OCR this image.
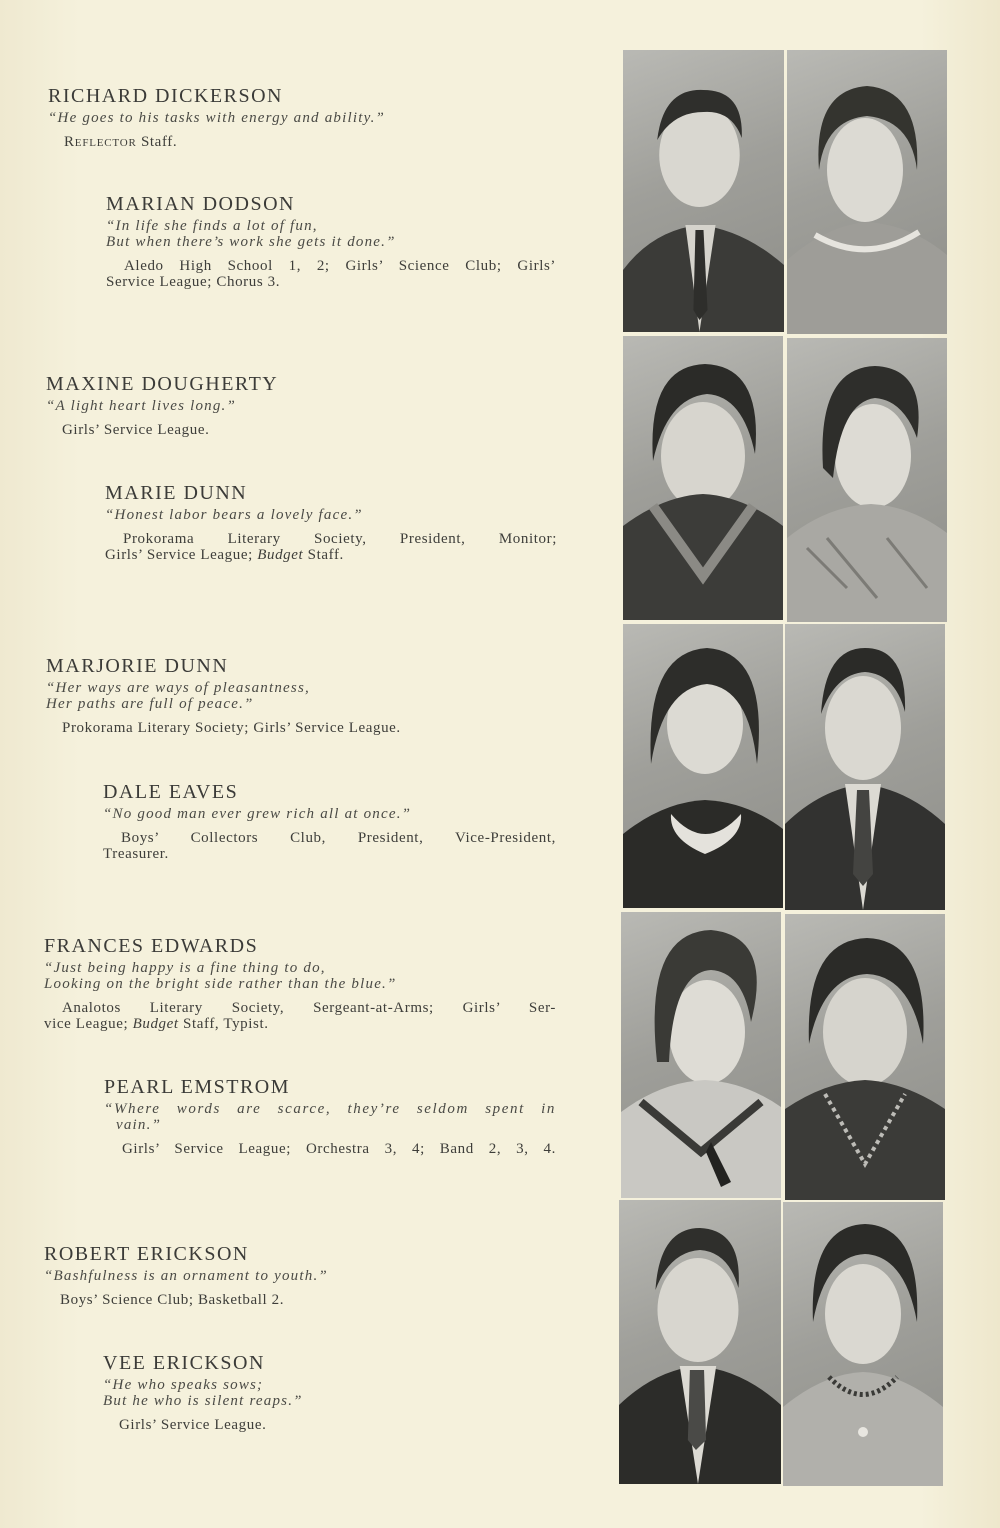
RICHARD DICKERSON
“He goes to his tasks with energy and ability.”
Reflector Staff.
MARIAN DODSON
“In life she finds a lot of fun,
But when there’s work she gets it done.”
Aledo High School 1, 2; Girls’ Science Club; Girls’
Service League; Chorus 3.
MAXINE DOUGHERTY
“A light heart lives long.”
Girls’ Service League.
MARIE DUNN
“Honest labor bears a lovely face.”
Prokorama Literary Society, President, Monitor;
Girls’ Service League; Budget Staff.
MARJORIE DUNN
“Her ways are ways of pleasantness,
Her paths are full of peace.”
Prokorama Literary Society; Girls’ Service League.
DALE EAVES
“No good man ever grew rich all at once.”
Boys’ Collectors Club, President, Vice-President,
Treasurer.
FRANCES EDWARDS
“Just being happy is a fine thing to do,
Looking on the bright side rather than the blue.”
Analotos Literary Society, Sergeant-at-Arms; Girls’ Ser-
vice League; Budget Staff, Typist.
PEARL EMSTROM
“Where words are scarce, they’re seldom spent in
vain.”
Girls’ Service League; Orchestra 3, 4; Band 2, 3, 4.
ROBERT ERICKSON
“Bashfulness is an ornament to youth.”
Boys’ Science Club; Basketball 2.
VEE ERICKSON
“He who speaks sows;
But he who is silent reaps.”
Girls’ Service League.
